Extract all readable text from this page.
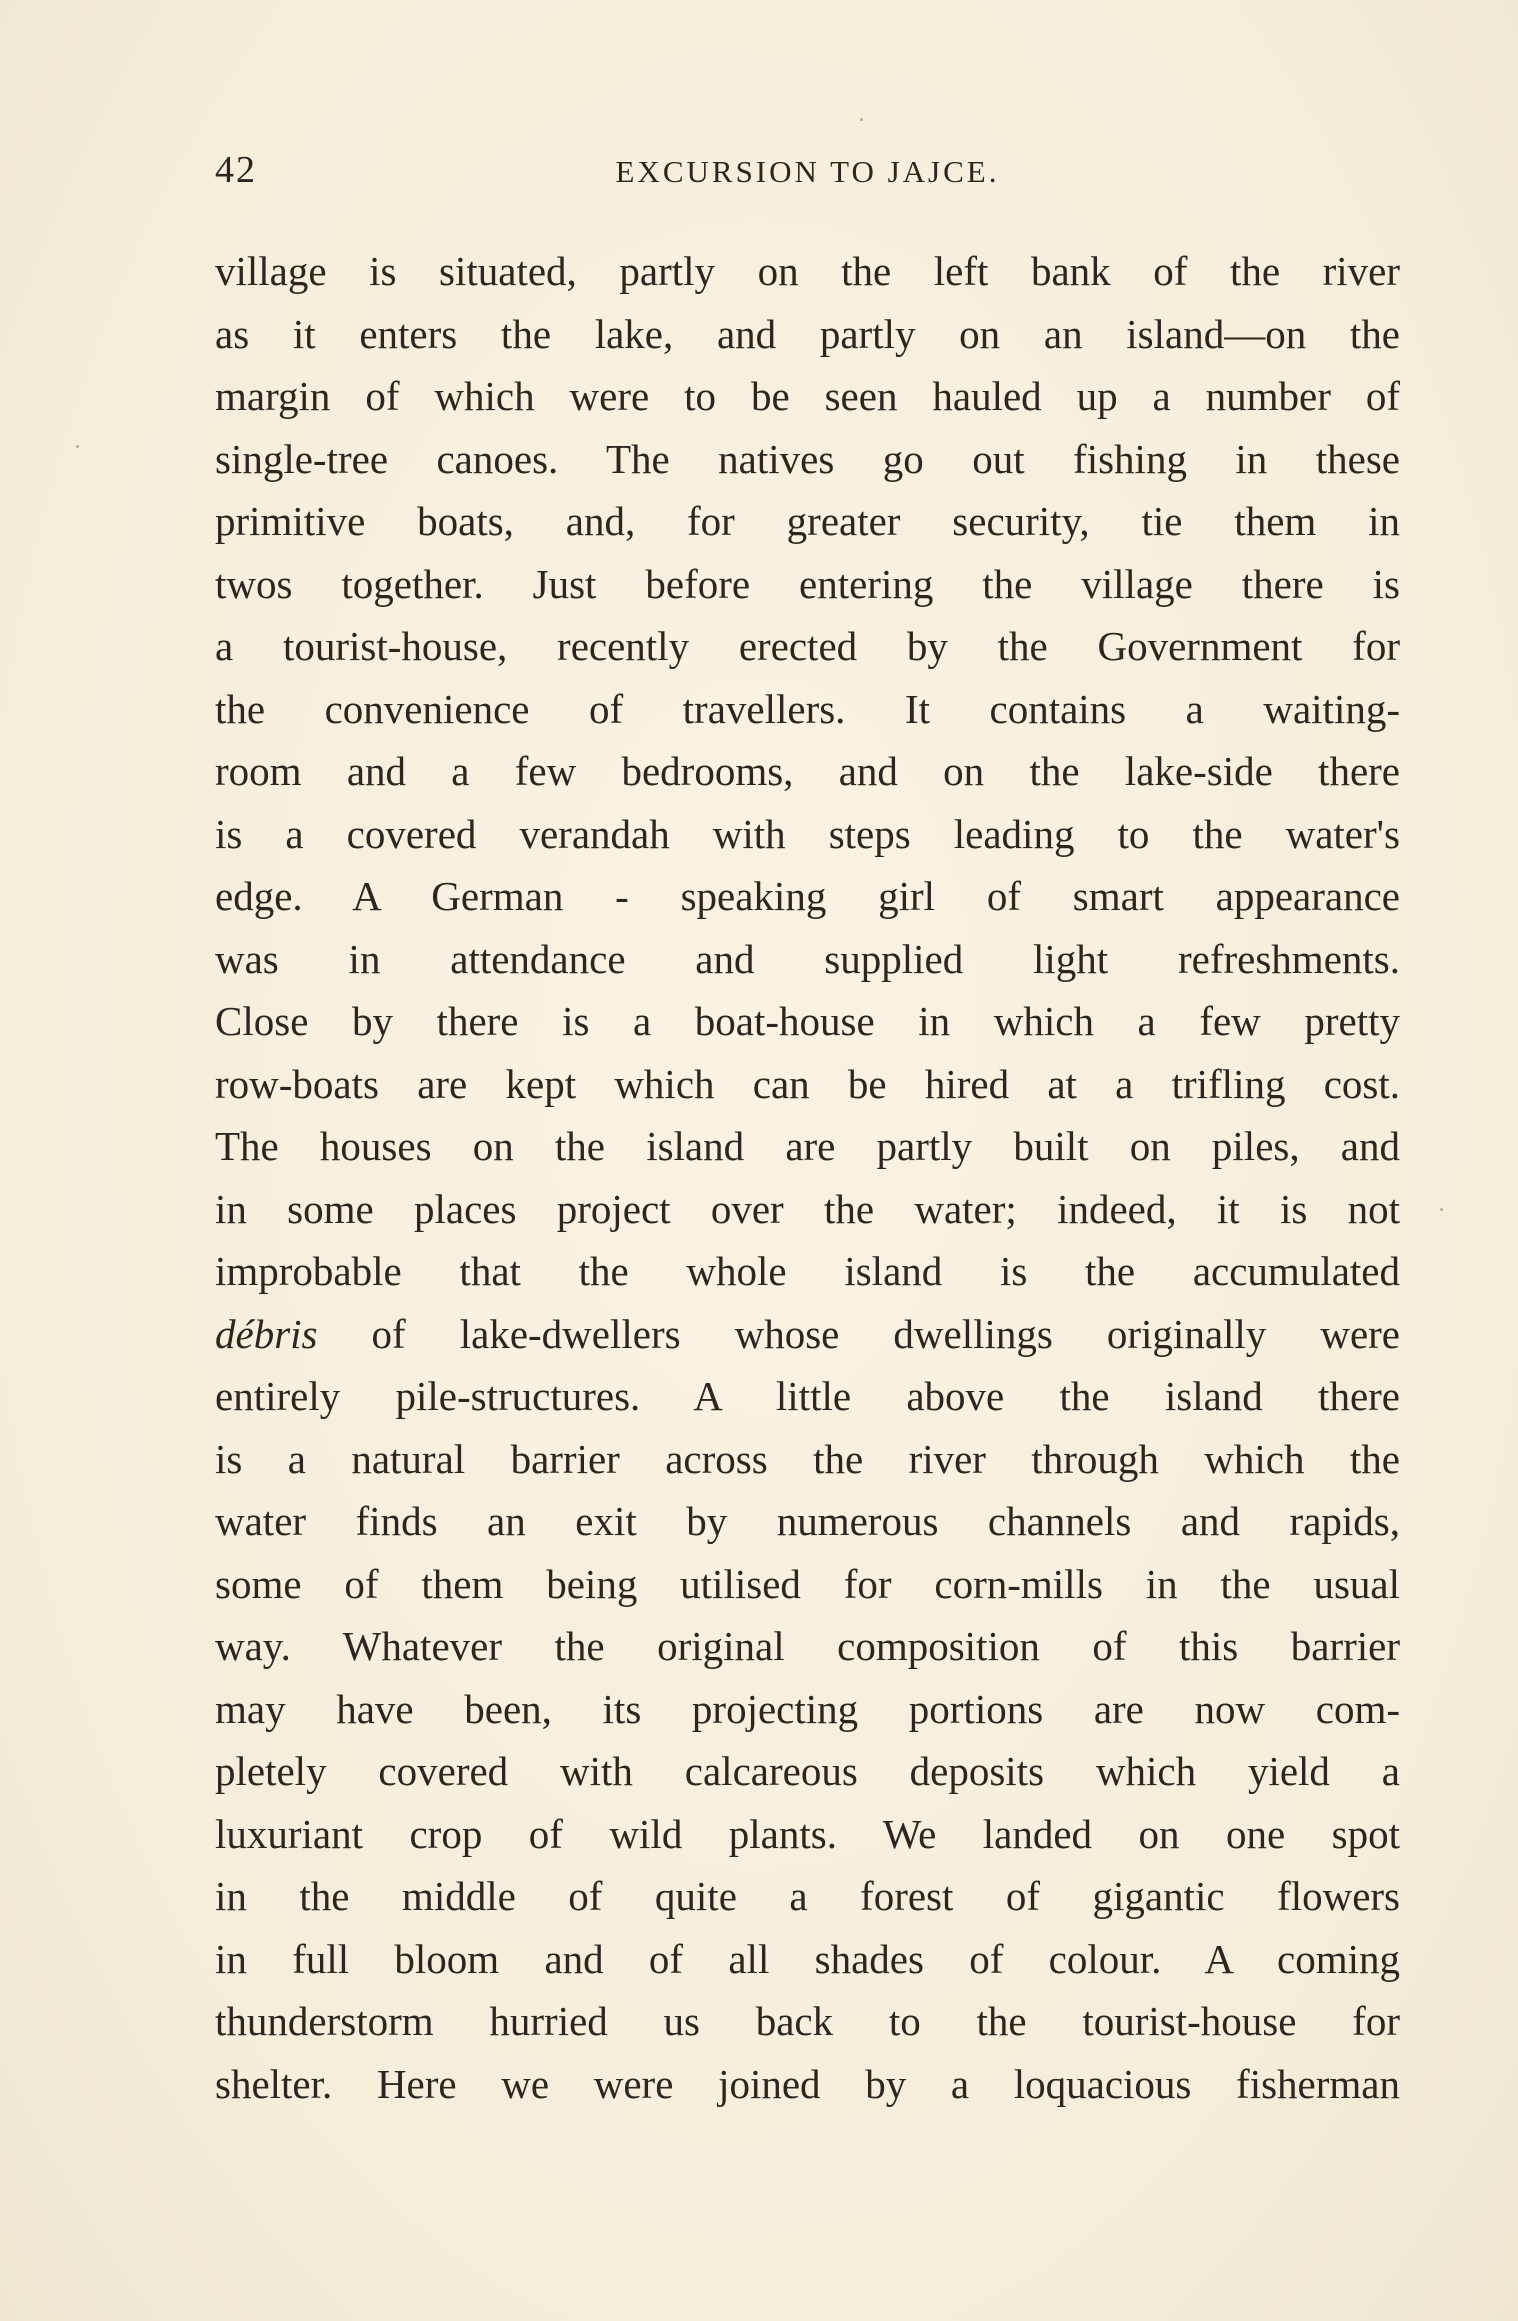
42	EXCURSION TO JAJCE.
village is situated, partly on the left bank of the river
as it enters the lake, and partly on an island—on the
margin of which were to be seen hauled up a number of
single-tree canoes. The natives go out fishing in these
primitive boats, and, for greater security, tie them in
twos together. Just before entering the village there is
a tourist-house, recently erected by the Government for
the convenience of travellers. It contains a waiting-
room and a few bedrooms, and on the lake-side there
is a covered verandah with steps leading to the water's
edge. A German - speaking girl of smart appearance
was in attendance and supplied light refreshments.
Close by there is a boat-house in which a few pretty
row-boats are kept which can be hired at a trifling cost.
The houses on the island are partly built on piles, and
in some places project over the water; indeed, it is not
improbable that the whole island is the accumulated
débris of lake-dwellers whose dwellings originally were
entirely pile-structures. A little above the island there
is a natural barrier across the river through which the
water finds an exit by numerous channels and rapids,
some of them being utilised for corn-mills in the usual
way. Whatever the original composition of this barrier
may have been, its projecting portions are now com-
pletely covered with calcareous deposits which yield a
luxuriant crop of wild plants. We landed on one spot
in the middle of quite a forest of gigantic flowers
in full bloom and of all shades of colour. A coming
thunderstorm hurried us back to the tourist-house for
shelter. Here we were joined by a loquacious fisherman
